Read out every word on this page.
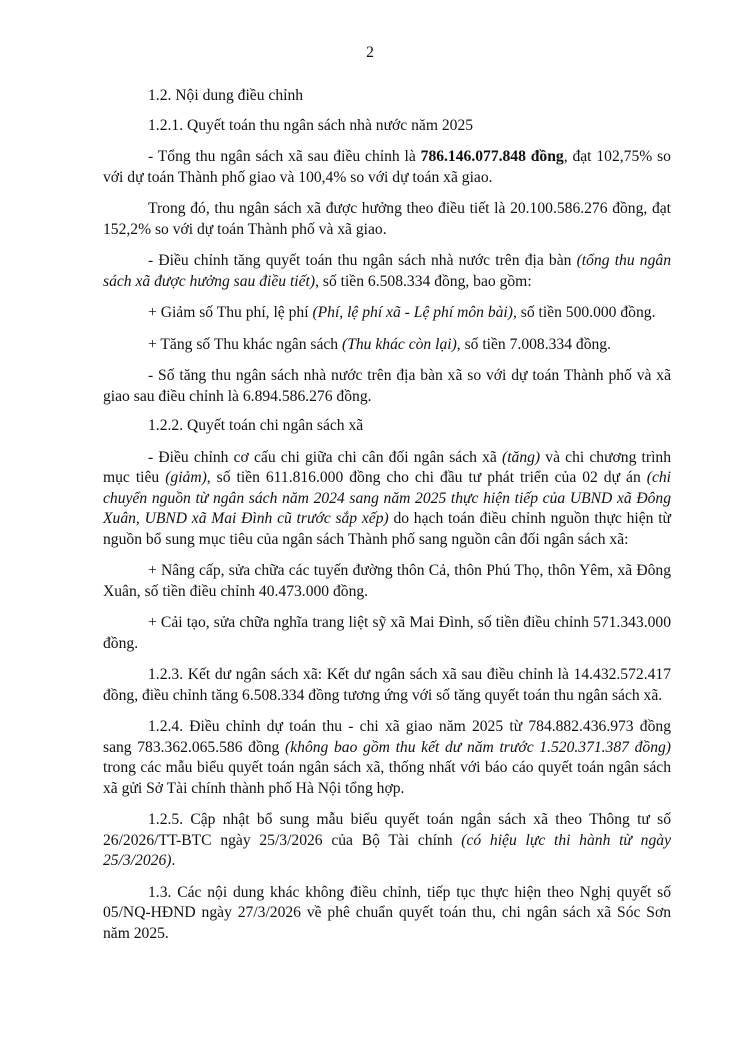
2

1.2. Nội dung điều chỉnh

1.2.1. Quyết toán thu ngân sách nhà nước năm 2025

- Tổng thu ngân sách xã sau điều chỉnh là 786.146.077.848 đồng, đạt 102,75% so với dự toán Thành phố giao và 100,4% so với dự toán xã giao.

Trong đó, thu ngân sách xã được hưởng theo điều tiết là 20.100.586.276 đồng, đạt 152,2% so với dự toán Thành phố và xã giao.

- Điều chỉnh tăng quyết toán thu ngân sách nhà nước trên địa bàn (tổng thu ngân sách xã được hưởng sau điều tiết), số tiền 6.508.334 đồng, bao gồm:

+ Giảm số Thu phí, lệ phí (Phí, lệ phí xã - Lệ phí môn bài), số tiền 500.000 đồng.

+ Tăng số Thu khác ngân sách (Thu khác còn lại), số tiền 7.008.334 đồng.

- Số tăng thu ngân sách nhà nước trên địa bàn xã so với dự toán Thành phố và xã giao sau điều chỉnh là 6.894.586.276 đồng.

1.2.2. Quyết toán chi ngân sách xã

- Điều chỉnh cơ cấu chi giữa chi cân đối ngân sách xã (tăng) và chi chương trình mục tiêu (giảm), số tiền 611.816.000 đồng cho chi đầu tư phát triển của 02 dự án (chi chuyển nguồn từ ngân sách năm 2024 sang năm 2025 thực hiện tiếp của UBND xã Đông Xuân, UBND xã Mai Đình cũ trước sắp xếp) do hạch toán điều chỉnh nguồn thực hiện từ nguồn bổ sung mục tiêu của ngân sách Thành phố sang nguồn cân đối ngân sách xã:

+ Nâng cấp, sửa chữa các tuyến đường thôn Cả, thôn Phú Thọ, thôn Yêm, xã Đông Xuân, số tiền điều chỉnh 40.473.000 đồng.

+ Cải tạo, sửa chữa nghĩa trang liệt sỹ xã Mai Đình, số tiền điều chỉnh 571.343.000 đồng.

1.2.3. Kết dư ngân sách xã: Kết dư ngân sách xã sau điều chỉnh là 14.432.572.417 đồng, điều chỉnh tăng 6.508.334 đồng tương ứng với số tăng quyết toán thu ngân sách xã.

1.2.4. Điều chỉnh dự toán thu - chi xã giao năm 2025 từ 784.882.436.973 đồng sang 783.362.065.586 đồng (không bao gồm thu kết dư năm trước 1.520.371.387 đồng) trong các mẫu biểu quyết toán ngân sách xã, thống nhất với báo cáo quyết toán ngân sách xã gửi Sở Tài chính thành phố Hà Nội tổng hợp.

1.2.5. Cập nhật bổ sung mẫu biểu quyết toán ngân sách xã theo Thông tư số 26/2026/TT-BTC ngày 25/3/2026 của Bộ Tài chính (có hiệu lực thi hành từ ngày 25/3/2026).

1.3. Các nội dung khác không điều chỉnh, tiếp tục thực hiện theo Nghị quyết số 05/NQ-HĐND ngày 27/3/2026 về phê chuẩn quyết toán thu, chi ngân sách xã Sóc Sơn năm 2025.
